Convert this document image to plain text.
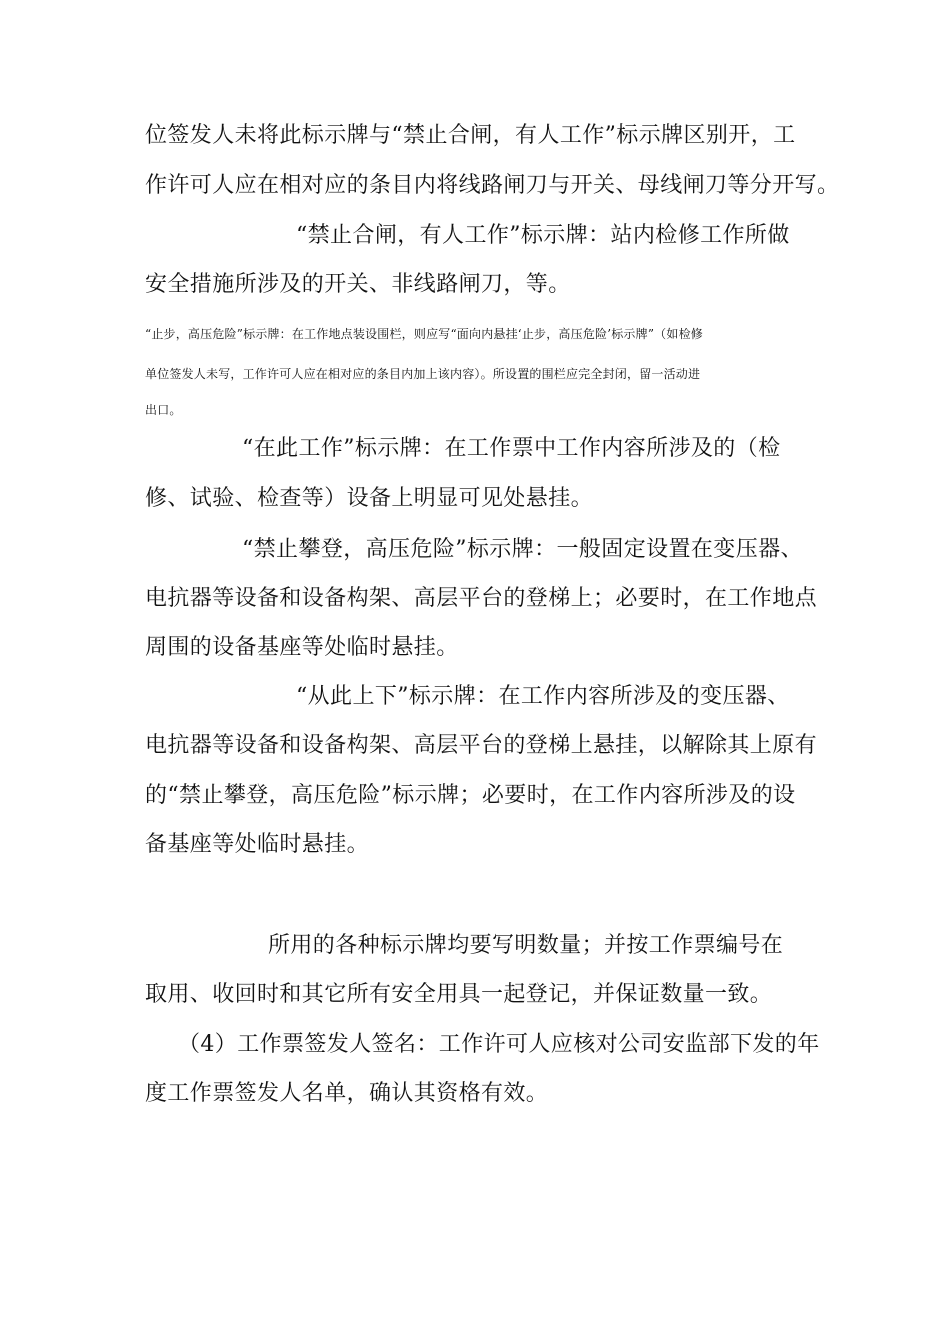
位签发人未将此标示牌与“禁止合闸，有人工作”标示牌区别开，工
作许可人应在相对应的条目内将线路闸刀与开关、母线闸刀等分开写。
“禁止合闸，有人工作”标示牌：站内检修工作所做
安全措施所涉及的开关、非线路闸刀，等。
“止步，高压危险”标示牌：在工作地点装设围栏，则应写“面向内悬挂‘止步，高压危险’标示牌”（如检修
单位签发人未写，工作许可人应在相对应的条目内加上该内容）。所设置的围栏应完全封闭，留一活动进
出口。
“在此工作”标示牌：在工作票中工作内容所涉及的（检
修、试验、检查等）设备上明显可见处悬挂。
“禁止攀登，高压危险”标示牌：一般固定设置在变压器、
电抗器等设备和设备构架、高层平台的登梯上；必要时，在工作地点
周围的设备基座等处临时悬挂。
“从此上下”标示牌：在工作内容所涉及的变压器、
电抗器等设备和设备构架、高层平台的登梯上悬挂，以解除其上原有
的“禁止攀登，高压危险”标示牌；必要时，在工作内容所涉及的设
备基座等处临时悬挂。
所用的各种标示牌均要写明数量；并按工作票编号在
取用、收回时和其它所有安全用具一起登记，并保证数量一致。
（4）工作票签发人签名：工作许可人应核对公司安监部下发的年
度工作票签发人名单，确认其资格有效。
